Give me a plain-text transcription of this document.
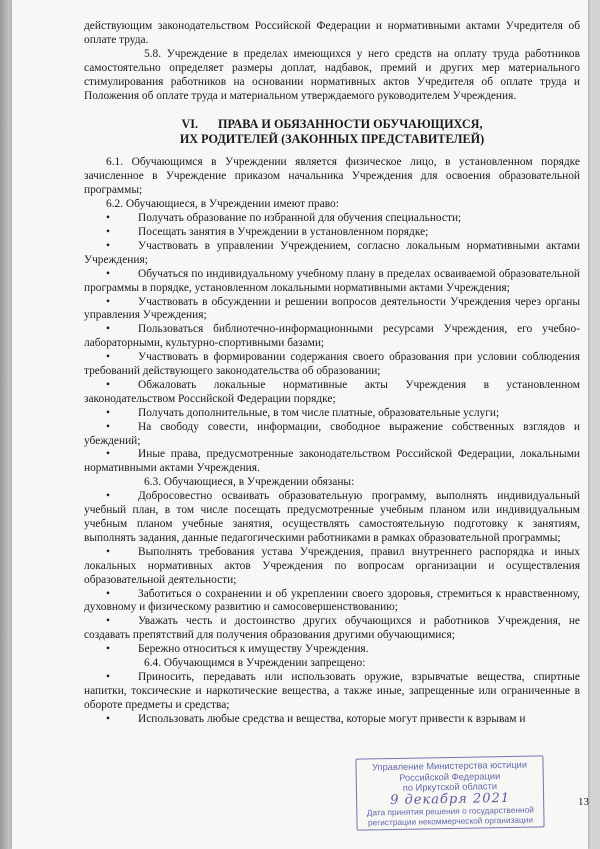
действующим законодательством Российской Федерации и нормативными актами Учредителя об оплате труда.

5.8. Учреждение в пределах имеющихся у него средств на оплату труда работников самостоятельно определяет размеры доплат, надбавок, премий и других мер материального стимулирования работников на основании нормативных актов Учредителя об оплате труда и Положения об оплате труда и материальном утверждаемого руководителем Учреждения.

VI. ПРАВА И ОБЯЗАННОСТИ ОБУЧАЮЩИХСЯ,
ИХ РОДИТЕЛЕЙ (ЗАКОННЫХ ПРЕДСТАВИТЕЛЕЙ)

6.1. Обучающимся в Учреждении является физическое лицо, в установленном порядке зачисленное в Учреждение приказом начальника Учреждения для освоения образовательной программы;

6.2. Обучающиеся, в Учреждении имеют право:

• Получать образование по избранной для обучения специальности;

• Посещать занятия в Учреждении в установленном порядке;

• Участвовать в управлении Учреждением, согласно локальным нормативными актами Учреждения;

• Обучаться по индивидуальному учебному плану в пределах осваиваемой образовательной программы в порядке, установленном локальными нормативными актами Учреждения;

• Участвовать в обсуждении и решении вопросов деятельности Учреждения через органы управления Учреждения;

• Пользоваться библиотечно-информационными ресурсами Учреждения, его учебно-лабораторными, культурно-спортивными базами;

• Участвовать в формировании содержания своего образования при условии соблюдения требований действующего законодательства об образовании;

• Обжаловать локальные нормативные акты Учреждения в установленном законодательством Российской Федерации порядке;

• Получать дополнительные, в том числе платные, образовательные услуги;

• На свободу совести, информации, свободное выражение собственных взглядов и убеждений;

• Иные права, предусмотренные законодательством Российской Федерации, локальными нормативными актами Учреждения.

6.3. Обучающиеся, в Учреждении обязаны:

• Добросовестно осваивать образовательную программу, выполнять индивидуальный учебный план, в том числе посещать предусмотренные учебным планом или индивидуальным учебным планом учебные занятия, осуществлять самостоятельную подготовку к занятиям, выполнять задания, данные педагогическими работниками в рамках образовательной программы;

• Выполнять требования устава Учреждения, правил внутреннего распорядка и иных локальных нормативных актов Учреждения по вопросам организации и осуществления образовательной деятельности;

• Заботиться о сохранении и об укреплении своего здоровья, стремиться к нравственному, духовному и физическому развитию и самосовершенствованию;

• Уважать честь и достоинство других обучающихся и работников Учреждения, не создавать препятствий для получения образования другими обучающимися;

• Бережно относиться к имуществу Учреждения.

6.4. Обучающимся в Учреждении запрещено:

• Приносить, передавать или использовать оружие, взрывчатые вещества, спиртные напитки, токсические и наркотические вещества, а также иные, запрещенные или ограниченные в обороте предметы и средства;

• Использовать любые средства и вещества, которые могут привести к взрывам и

13
Управление Министерства юстиции
Российской Федерации
по Иркутской области
9 декабря 2021
Дата принятия решения о государственной
регистрации некоммерческой организации
